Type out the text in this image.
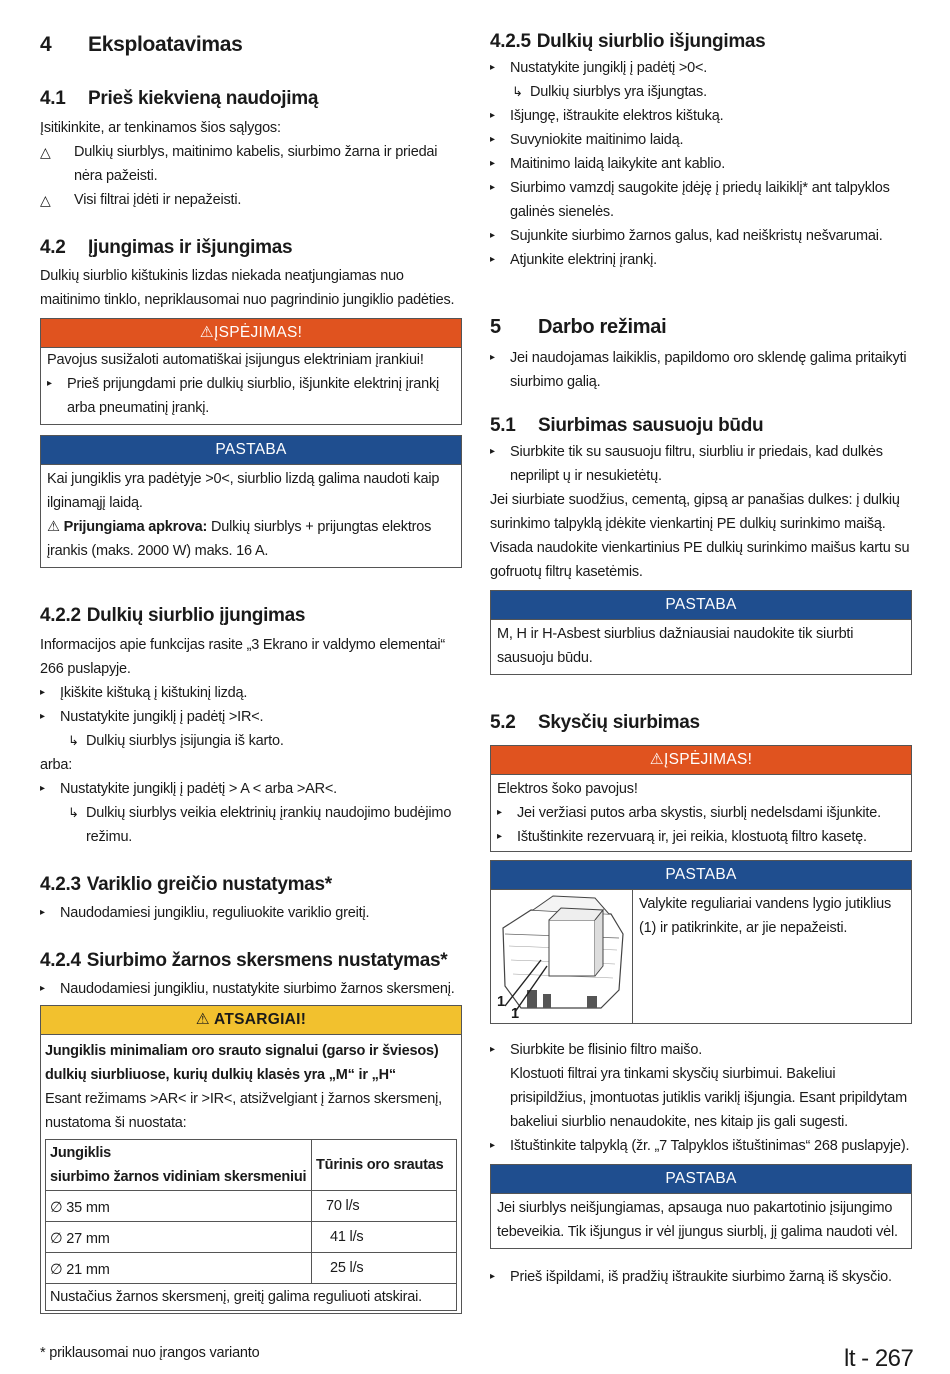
4	Eksploatavimas
4.1	Prieš kiekvieną naudojimą

Įsitikinkite, ar tenkinamos šios sąlygos:

△	Dulkių siurblys, maitinimo kabelis, siurbimo žarna ir priedai nėra pažeisti.
△	Visi filtrai įdėti ir nepažeisti.
4.2	Įjungimas ir išjungimas

Dulkių siurblio kištukinis lizdas niekada neatjungiamas nuo maitinimo tinklo, nepriklausomai nuo pagrindinio jungiklio padėties.

⚠ĮSPĖJIMAS!

Pavojus susižaloti automatiškai įsijungus elektriniam įrankiui!

▸	Prieš prijungdami prie dulkių siurblio, išjunkite elektrinį įrankį arba pneumatinį įrankį.
PASTABA

Kai jungiklis yra padėtyje >0<, siurblio lizdą galima naudoti kaip ilginamąjį laidą.

⚠ Prijungiama apkrova: Dulkių siurblys + prijungtas elektros įrankis (maks. 2000 W) maks. 16 A.

4.2.2 Dulkių siurblio įjungimas

Informacijos apie funkcijas rasite „3 Ekrano ir valdymo elementai“ 266 puslapyje.

▸	Įkiškite kištuką į kištukinį lizdą.
▸	Nustatykite jungiklį į padėtį >IR<.
↳ Dulkių siurblys įsijungia iš karto.

arba:

▸	Nustatykite jungiklį į padėtį > A < arba >AR<.
↳ Dulkių siurblys veikia elektrinių įrankių naudojimo budėjimo režimu.
4.2.3 Variklio greičio nustatymas*
▸	Naudodamiesi jungikliu, reguliuokite variklio greitį.
4.2.4 Siurbimo žarnos skersmens nustatymas*
▸	Naudodamiesi jungikliu, nustatykite siurbimo žarnos skersmenį.
⚠ ATSARGIAI!

Jungiklis minimaliam oro srauto signalui (garso ir šviesos) dulkių siurbliuose, kurių dulkių klasės yra „M“ ir „H“

Esant režimams >AR< ir >IR<, atsižvelgiant į žarnos skersmenį, nustatoma ši nuostata:

Jungiklis
siurbimo žarnos vidiniam skersmeniui	Tūrinis oro srautas
∅ 35 mm	70 l/s
∅ 27 mm	41 l/s
∅ 21 mm	25 l/s
Nustačius žarnos skersmenį, greitį galima reguliuoti atskirai.	
4.2.5 Dulkių siurblio išjungimas
▸	Nustatykite jungiklį į padėtį >0<.
↳ Dulkių siurblys yra išjungtas.
▸	Išjungę, ištraukite elektros kištuką.
▸	Suvyniokite maitinimo laidą.
▸	Maitinimo laidą laikykite ant kablio.
▸	Siurbimo vamzdį saugokite įdėję į priedų laikiklį* ant talpyklos galinės sienelės.
▸	Sujunkite siurbimo žarnos galus, kad neiškristų nešvarumai.
▸	Atjunkite elektrinį įrankį.
5	Darbo režimai
▸	Jei naudojamas laikiklis, papildomo oro sklendę galima pritaikyti siurbimo galią.
5.1	Siurbimas sausuoju būdu
▸	Siurbkite tik su sausuoju filtru, siurbliu ir priedais, kad dulkės neprilipt ų ir nesukietėtų.

Jei siurbiate suodžius, cementą, gipsą ar panašias dulkes: į dulkių surinkimo talpyklą įdėkite vienkartinį PE dulkių surinkimo maišą. Visada naudokite vienkartinius PE dulkių surinkimo maišus kartu su gofruotų filtrų kasetėmis.

PASTABA

M, H ir H-Asbest siurblius dažniausiai naudokite tik siurbti sausuoju būdu.

5.2	Skysčių siurbimas
⚠ĮSPĖJIMAS!

Elektros šoko pavojus!

▸	Jei veržiasi putos arba skystis, siurblį nedelsdami išjunkite.
▸	Ištuštinkite rezervuarą ir, jei reikia, klostuotą filtro kasetę.
PASTABA
1
1

Valykite reguliariai vandens lygio jutiklius (1) ir patikrinkite, ar jie nepažeisti.

▸	Siurbkite be flisinio filtro maišo.

Klostuoti filtrai yra tinkami skysčių siurbimui. Bakeliui prisipildžius, įmontuotas jutiklis variklį išjungia. Esant pripildytam bakeliui siurblio nenaudokite, nes kitaip jis gali sugesti.

▸	Ištuštinkite talpyklą (žr. „7 Talpyklos ištuštinimas“ 268 puslapyje).
PASTABA

Jei siurblys neišjungiamas, apsauga nuo pakartotinio įsijungimo tebeveikia. Tik išjungus ir vėl įjungus siurblį, jį galima naudoti vėl.

▸	Prieš išpildami, iš pradžių ištraukite siurbimo žarną iš skysčio.
* priklausomai nuo įrangos varianto	lt - 267
